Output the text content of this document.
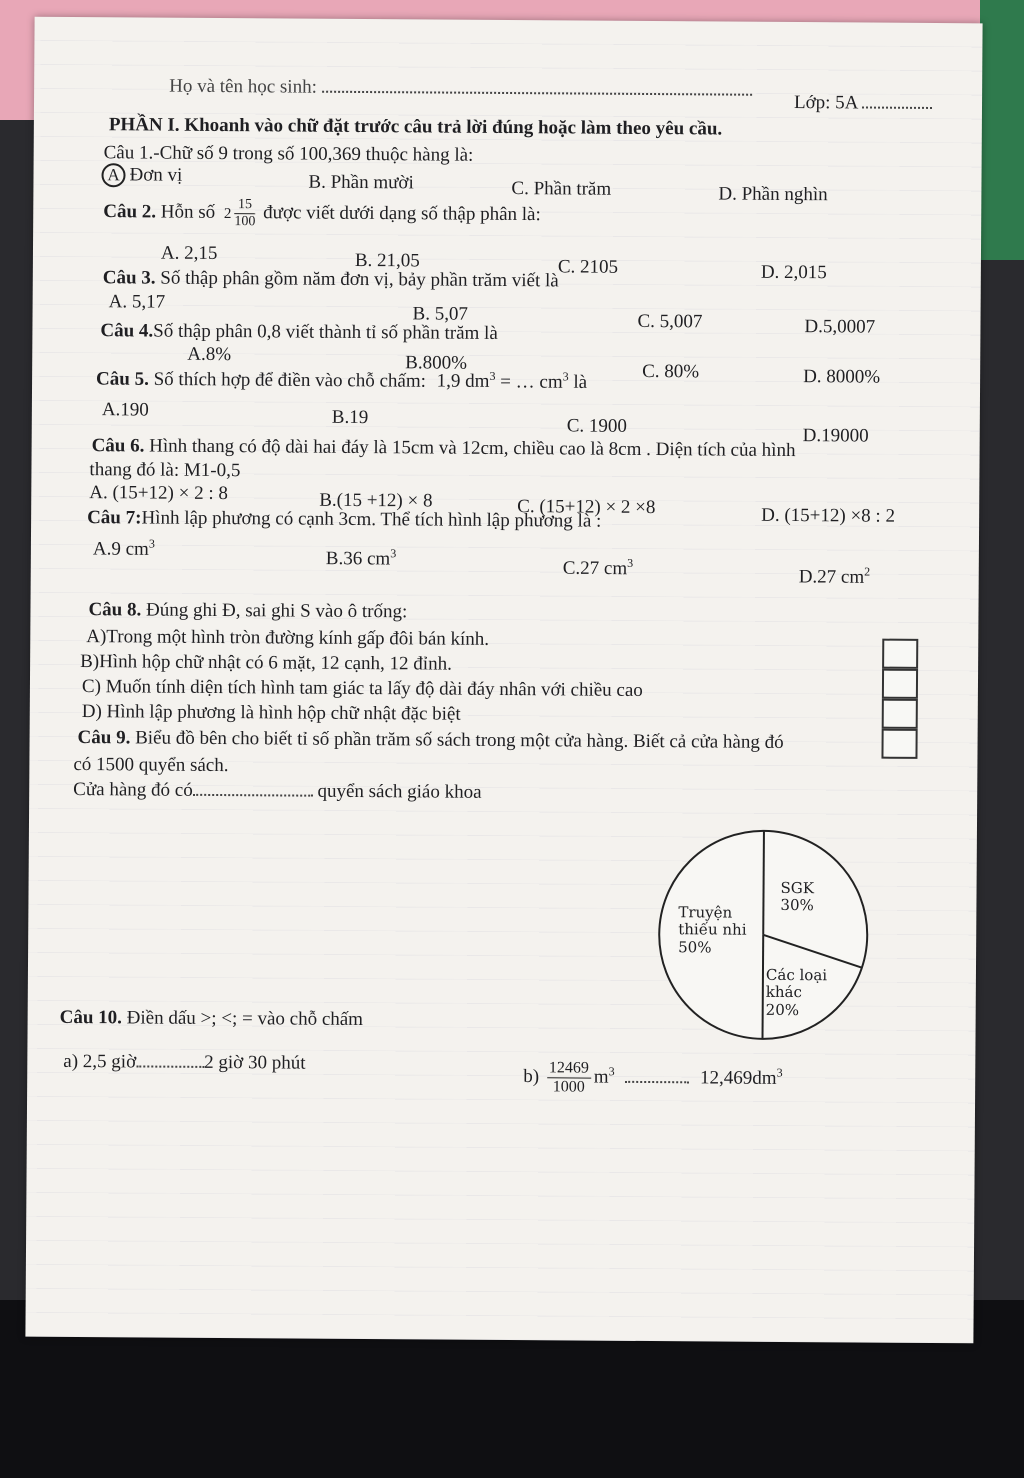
Họ và tên học sinh:
Lớp: 5A
PHẦN I. Khoanh vào chữ đặt trước câu trả lời đúng hoặc làm theo yêu cầu.
Câu 1.-Chữ số 9 trong số 100,369 thuộc hàng là:
A Đơn vị	B. Phần mười	C. Phần trăm	D. Phần nghìn
Câu 2. Hỗn số $2 \frac{15}{100}$ được viết dưới dạng số thập phân là:
A. 2,15	B. 21,05	C. 2105	D. 2,015
Câu 3. Số thập phân gồm năm đơn vị, bảy phần trăm viết là
A. 5,17
B. 5,07	C. 5,007	D.5,0007
Câu 4.Số thập phân 0,8 viết thành tỉ số phần trăm là
A.8%	B.800%	C. 80%	D. 8000%
Câu 5. Số thích hợp để điền vào chỗ chấm: 1,9 $dm^3$ = … $cm^3$ là
A.190	B.19	C. 1900	D.19000
Câu 6. Hình thang có độ dài hai đáy là 15cm và 12cm, chiều cao là 8cm . Diện tích của hình
thang đó là: M1-0,5
A. (15+12) × 2 : 8	B.(15 +12) × 8	C. (15+12) × 2 ×8	D. (15+12) ×8 : 2
Câu 7:Hình lập phương có cạnh 3cm. Thể tích hình lập phương là :
A.9 $cm^3$
B.36 $cm^3$
C.27 $cm^3$
D.27 $cm^2$
Câu 8. Đúng ghi Đ, sai ghi S vào ô trống:
A)Trong một hình tròn đường kính gấp đôi bán kính.
B)Hình hộp chữ nhật có 6 mặt, 12 cạnh, 12 đỉnh.
C) Muốn tính diện tích hình tam giác ta lấy độ dài đáy nhân với chiều cao
D) Hình lập phương là hình hộp chữ nhật đặc biệt
Câu 9. Biểu đồ bên cho biết tỉ số phần trăm số sách trong một cửa hàng. Biết cả cửa hàng đó
có 1500 quyển sách.
Cửa hàng đó có	quyển sách giáo khoa
Truyện
thiếu nhi
50%
SGK
30%
Các loại
khác
20%
Câu 10. Điền dấu >; <; = vào chỗ chấm
a) 2,5 giờ	2 giờ 30 phút
$b) \frac{12469}{1000} m^3$	$12,469dm^3$
